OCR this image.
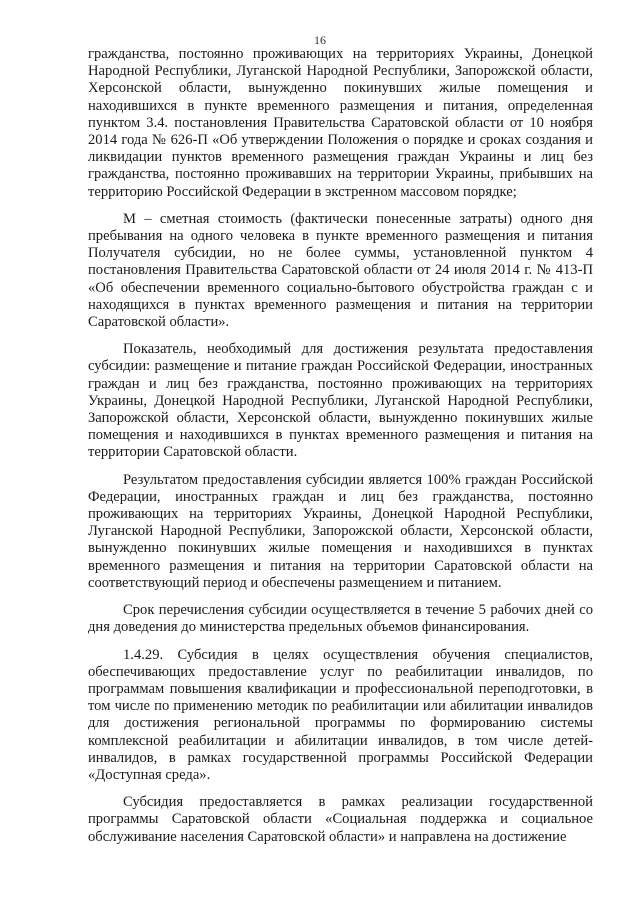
16

гражданства, постоянно проживающих на территориях Украины, Донецкой Народной Республики, Луганской Народной Республики, Запорожской области, Херсонской области, вынужденно покинувших жилые помещения и находившихся в пункте временного размещения и питания, определенная пунктом 3.4. постановления Правительства Саратовской области от 10 ноября 2014 года № 626-П «Об утверждении Положения о порядке и сроках создания и ликвидации пунктов временного размещения граждан Украины и лиц без гражданства, постоянно проживавших на территории Украины, прибывших на территорию Российской Федерации в экстренном массовом порядке;

M – сметная стоимость (фактически понесенные затраты) одного дня пребывания на одного человека в пункте временного размещения и питания Получателя субсидии, но не более суммы, установленной пунктом 4 постановления Правительства Саратовской области от 24 июля 2014 г. № 413-П «Об обеспечении временного социально-бытового обустройства граждан с и находящихся в пунктах временного размещения и питания на территории Саратовской области».

Показатель, необходимый для достижения результата предоставления субсидии: размещение и питание граждан Российской Федерации, иностранных граждан и лиц без гражданства, постоянно проживающих на территориях Украины, Донецкой Народной Республики, Луганской Народной Республики, Запорожской области, Херсонской области, вынужденно покинувших жилые помещения и находившихся в пунктах временного размещения и питания на территории Саратовской области.

Результатом предоставления субсидии является 100% граждан Российской Федерации, иностранных граждан и лиц без гражданства, постоянно проживающих на территориях Украины, Донецкой Народной Республики, Луганской Народной Республики, Запорожской области, Херсонской области, вынужденно покинувших жилые помещения и находившихся в пунктах временного размещения и питания на территории Саратовской области на соответствующий период и обеспечены размещением и питанием.

Срок перечисления субсидии осуществляется в течение 5 рабочих дней со дня доведения до министерства предельных объемов финансирования.

1.4.29. Субсидия в целях осуществления обучения специалистов, обеспечивающих предоставление услуг по реабилитации инвалидов, по программам повышения квалификации и профессиональной переподготовки, в том числе по применению методик по реабилитации или абилитации инвалидов для достижения региональной программы по формированию системы комплексной реабилитации и абилитации инвалидов, в том числе детей-инвалидов, в рамках государственной программы Российской Федерации «Доступная среда».

Субсидия предоставляется в рамках реализации государственной программы Саратовской области «Социальная поддержка и социальное обслуживание населения Саратовской области» и направлена на достижение
